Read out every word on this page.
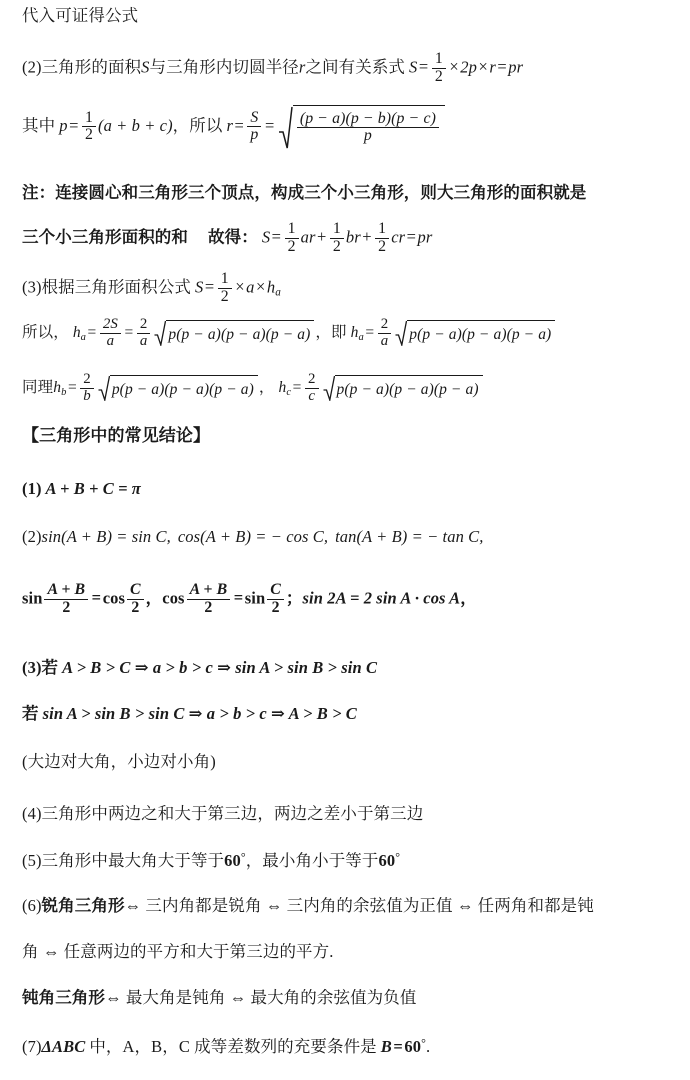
代入可证得公式
(2)三角形的面积S与三角形内切圆半径r之间有关系式 $S= \frac{1}{2} \times 2p\times r=pr$
其中 $p= \frac{1}{2} (a + b + c)$，所以 $r= \frac{S}{p} = \frac{(p - a)(p - b)(p - c)}{p}$
注：连接圆心和三角形三个顶点，构成三个小三角形，则大三角形的面积就是
三个小三角形面积的和 故得： $S= \frac{1}{2} ar+ \frac{1}{2} br+ \frac{1}{2} cr=pr$
(3)根据三角形面积公式 $S= \frac{1}{2} \times a\times h_a$
所以， $h_a= \frac{2S}{a} = \frac{2}{a} p(p - a)(p - a)(p - a)$ ，即 $h_a= \frac{2}{a} p(p - a)(p - a)(p - a)$
同理$h_b= \frac{2}{b} p(p - a)(p - a)(p - a)$ ， $h_c= \frac{2}{c} p(p - a)(p - a)(p - a)$
【三角形中的常见结论】
(1) A + B + C = π
(2)sin(A + B) = sin C, cos(A + B) = − cos C, tan(A + B) = − tan C,
$\sin \frac{A + B}{2} =\cos \frac{C}{2}$ ，$\cos \frac{A + B}{2} =\sin \frac{C}{2}$ ；sin 2A = 2 sin A · cos A，
(3)若 A > B > C ⇒ a > b > c ⇒ sin A > sin B > sin C
若 sin A > sin B > sin C ⇒ a > b > c ⇒ A > B > C
(大边对大角，小边对小角)
(4)三角形中两边之和大于第三边，两边之差小于第三边
(5)三角形中最大角大于等于60°，最小角小于等于60°
(6)锐角三角形⇔ 三内角都是锐角 ⇔ 三内角的余弦值为正值 ⇔ 任两角和都是钝
角 ⇔ 任意两边的平方和大于第三边的平方.
钝角三角形⇔ 最大角是钝角 ⇔ 最大角的余弦值为负值
(7)ΔABC 中，A，B，C 成等差数列的充要条件是 B=60°.
